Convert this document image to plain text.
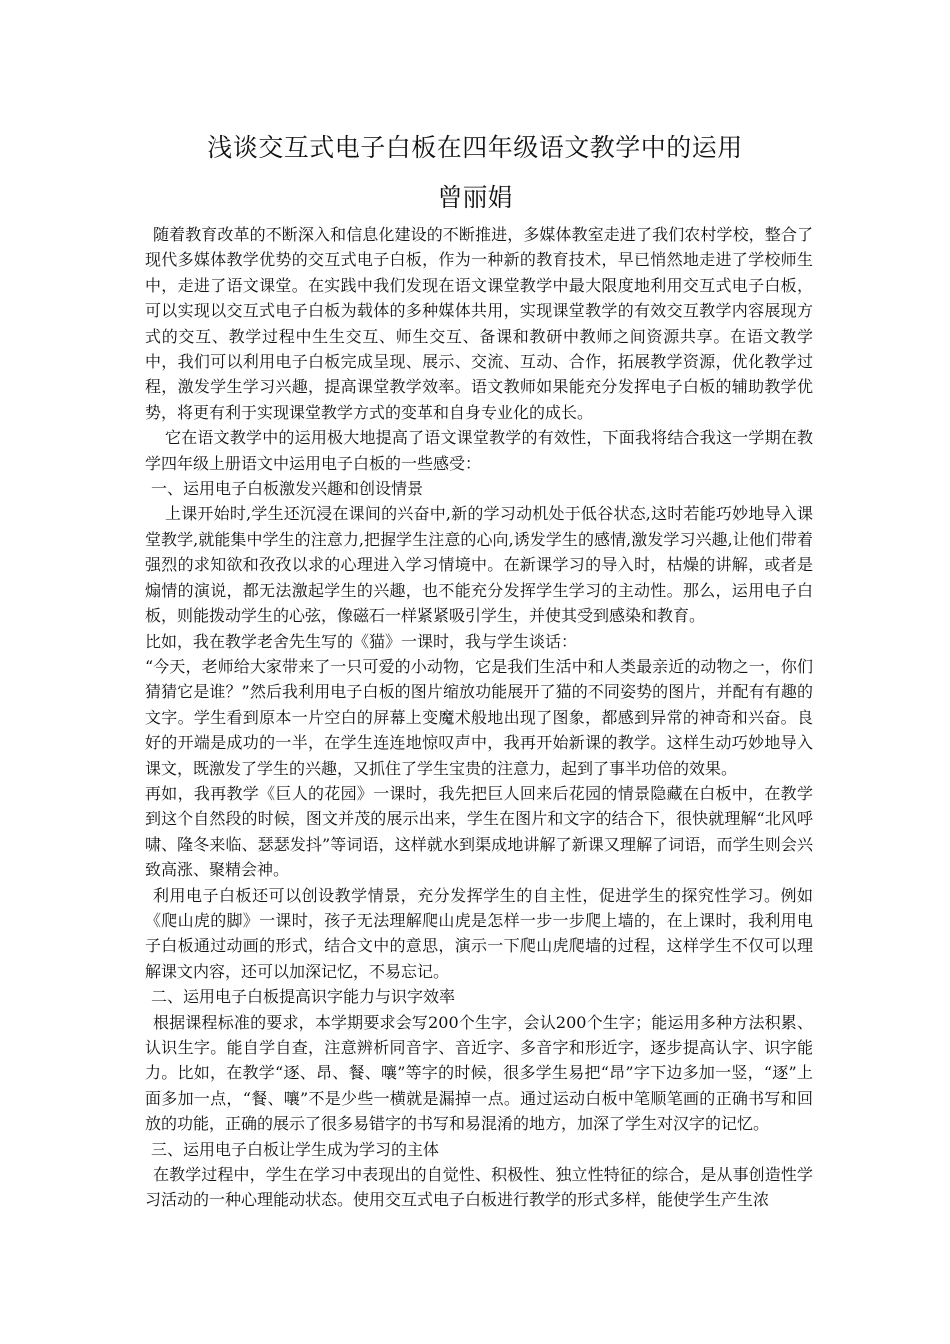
浅谈交互式电子白板在四年级语文教学中的运用
曾丽娟

随着教育改革的不断深入和信息化建设的不断推进，多媒体教室走进了我们农村学校，整合了现代多媒体教学优势的交互式电子白板，作为一种新的教育技术，早已悄然地走进了学校师生中，走进了语文课堂。在实践中我们发现在语文课堂教学中最大限度地利用交互式电子白板，可以实现以交互式电子白板为载体的多种媒体共用，实现课堂教学的有效交互教学内容展现方式的交互、教学过程中生生交互、师生交互、备课和教研中教师之间资源共享。在语文教学中，我们可以利用电子白板完成呈现、展示、交流、互动、合作，拓展教学资源，优化教学过程，激发学生学习兴趣，提高课堂教学效率。语文教师如果能充分发挥电子白板的辅助教学优势，将更有利于实现课堂教学方式的变革和自身专业化的成长。

它在语文教学中的运用极大地提高了语文课堂教学的有效性，下面我将结合我这一学期在教学四年级上册语文中运用电子白板的一些感受：

一、运用电子白板激发兴趣和创设情景

上课开始时,学生还沉浸在课间的兴奋中,新的学习动机处于低谷状态,这时若能巧妙地导入课堂教学,就能集中学生的注意力,把握学生注意的心向,诱发学生的感情,激发学习兴趣,让他们带着强烈的求知欲和孜孜以求的心理进入学习情境中。在新课学习的导入时，枯燥的讲解，或者是煽情的演说，都无法激起学生的兴趣，也不能充分发挥学生学习的主动性。那么，运用电子白板，则能拨动学生的心弦，像磁石一样紧紧吸引学生，并使其受到感染和教育。

比如，我在教学老舍先生写的《猫》一课时，我与学生谈话：

“今天，老师给大家带来了一只可爱的小动物，它是我们生活中和人类最亲近的动物之一，你们猜猜它是谁？”然后我利用电子白板的图片缩放功能展开了猫的不同姿势的图片，并配有有趣的文字。学生看到原本一片空白的屏幕上变魔术般地出现了图象，都感到异常的神奇和兴奋。良好的开端是成功的一半，在学生连连地惊叹声中，我再开始新课的教学。这样生动巧妙地导入课文，既激发了学生的兴趣，又抓住了学生宝贵的注意力，起到了事半功倍的效果。

再如，我再教学《巨人的花园》一课时，我先把巨人回来后花园的情景隐藏在白板中，在教学到这个自然段的时候，图文并茂的展示出来，学生在图片和文字的结合下，很快就理解“北风呼啸、隆冬来临、瑟瑟发抖”等词语，这样就水到渠成地讲解了新课又理解了词语，而学生则会兴致高涨、聚精会神。

利用电子白板还可以创设教学情景，充分发挥学生的自主性，促进学生的探究性学习。例如《爬山虎的脚》一课时，孩子无法理解爬山虎是怎样一步一步爬上墙的，在上课时，我利用电子白板通过动画的形式，结合文中的意思，演示一下爬山虎爬墙的过程，这样学生不仅可以理解课文内容，还可以加深记忆，不易忘记。

二、运用电子白板提高识字能力与识字效率

根据课程标准的要求，本学期要求会写200个生字，会认200个生字；能运用多种方法积累、认识生字。能自学自查，注意辨析同音字、音近字、多音字和形近字，逐步提高认字、识字能力。比如，在教学“逐、昂、餐、嚷”等字的时候，很多学生易把“昂”字下边多加一竖，“逐”上面多加一点，“餐、嚷”不是少些一横就是漏掉一点。通过运动白板中笔顺笔画的正确书写和回放的功能，正确的展示了很多易错字的书写和易混淆的地方，加深了学生对汉字的记忆。

三、运用电子白板让学生成为学习的主体

在教学过程中，学生在学习中表现出的自觉性、积极性、独立性特征的综合，是从事创造性学习活动的一种心理能动状态。使用交互式电子白板进行教学的形式多样，能使学生产生浓
